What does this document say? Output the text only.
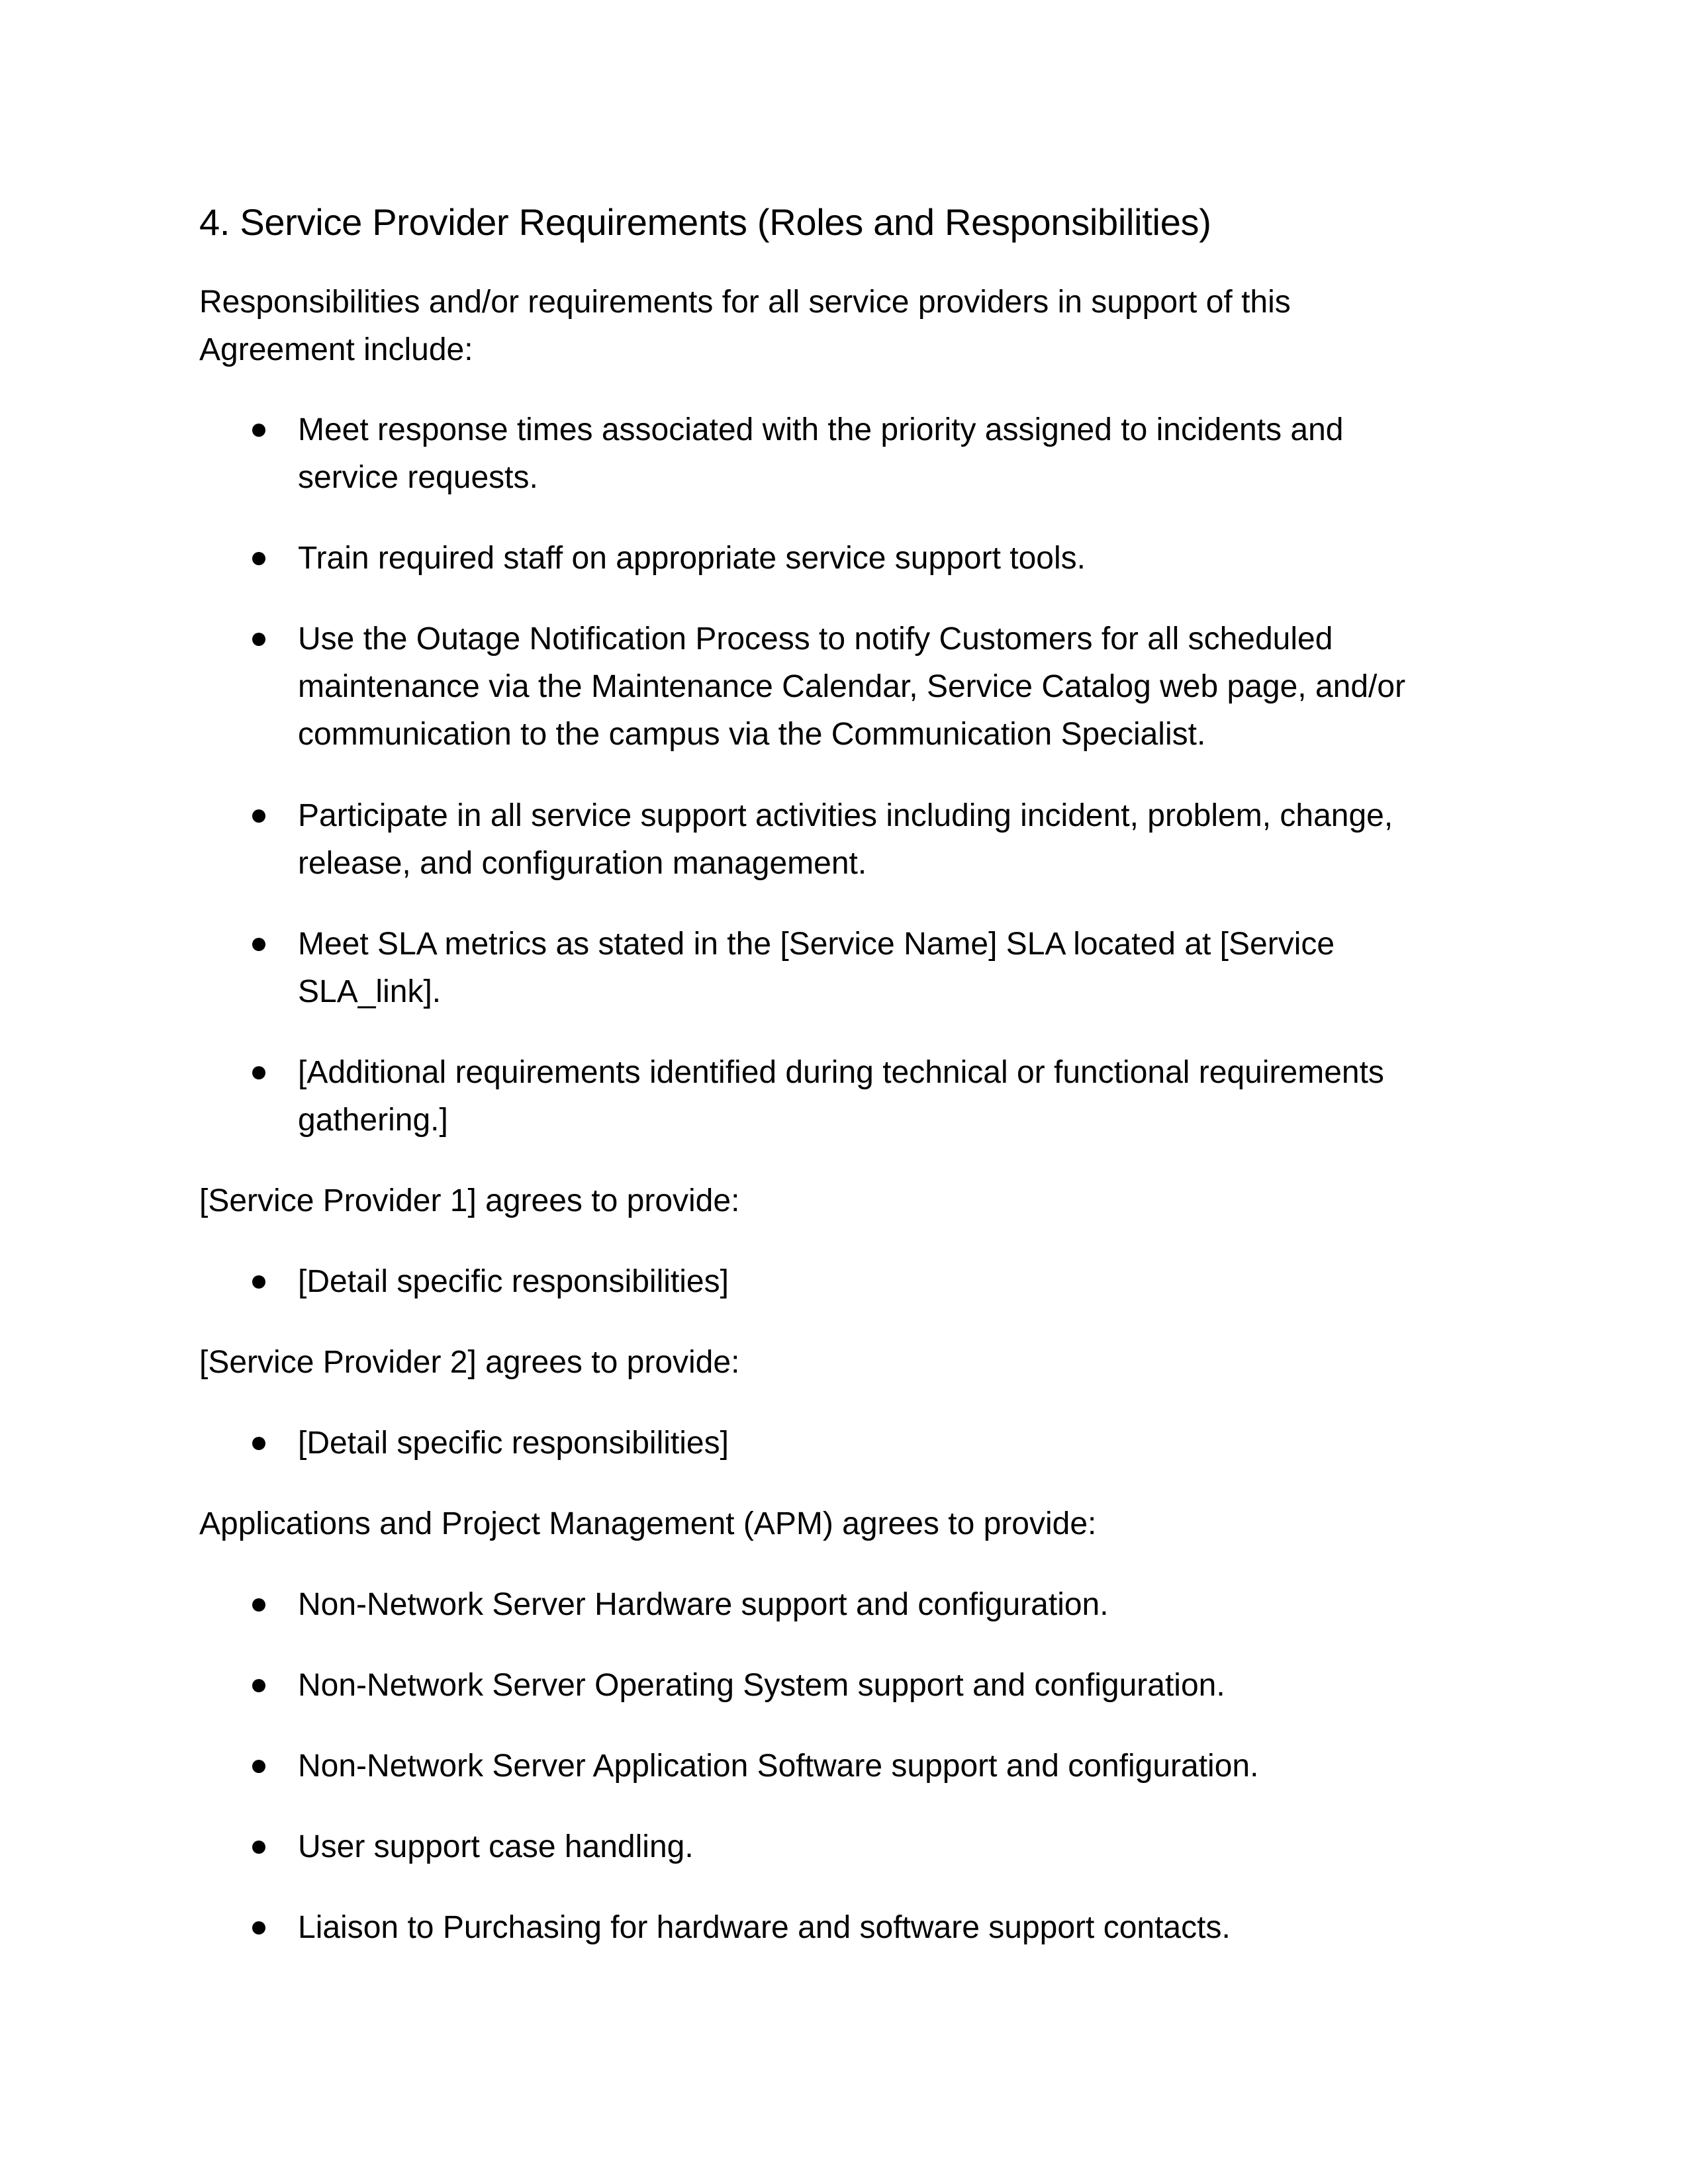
4. Service Provider Requirements (Roles and Responsibilities)

Responsibilities and/or requirements for all service providers in support of this
Agreement include:

Meet response times associated with the priority assigned to incidents and
service requests.
Train required staff on appropriate service support tools.
Use the Outage Notification Process to notify Customers for all scheduled
maintenance via the Maintenance Calendar, Service Catalog web page, and/or
communication to the campus via the Communication Specialist.
Participate in all service support activities including incident, problem, change,
release, and configuration management.
Meet SLA metrics as stated in the [Service Name] SLA located at [Service
SLA_link].
[Additional requirements identified during technical or functional requirements
gathering.]

[Service Provider 1] agrees to provide:

[Detail specific responsibilities]

[Service Provider 2] agrees to provide:

[Detail specific responsibilities]

Applications and Project Management (APM) agrees to provide:

Non-Network Server Hardware support and configuration.
Non-Network Server Operating System support and configuration.
Non-Network Server Application Software support and configuration.
User support case handling.
Liaison to Purchasing for hardware and software support contacts.
